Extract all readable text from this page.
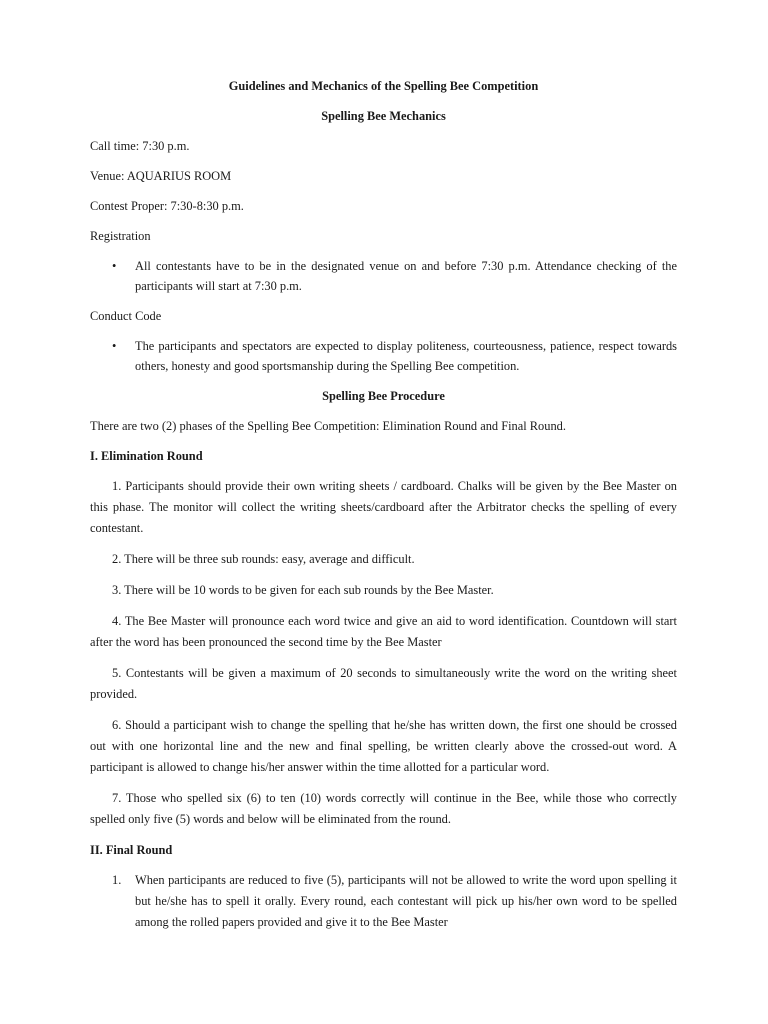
Guidelines and Mechanics of the Spelling Bee Competition

Spelling Bee Mechanics

Call time: 7:30 p.m.

Venue: AQUARIUS ROOM

Contest Proper: 7:30-8:30 p.m.

Registration

• All contestants have to be in the designated venue on and before 7:30 p.m. Attendance checking of the participants will start at 7:30 p.m.

Conduct Code

• The participants and spectators are expected to display politeness, courteousness, patience, respect towards others, honesty and good sportsmanship during the Spelling Bee competition.

Spelling Bee Procedure

There are two (2) phases of the Spelling Bee Competition: Elimination Round and Final Round.

I. Elimination Round

1. Participants should provide their own writing sheets / cardboard. Chalks will be given by the Bee Master on this phase. The monitor will collect the writing sheets/cardboard after the Arbitrator checks the spelling of every contestant.

2. There will be three sub rounds: easy, average and difficult.

3. There will be 10 words to be given for each sub rounds by the Bee Master.

4. The Bee Master will pronounce each word twice and give an aid to word identification. Countdown will start after the word has been pronounced the second time by the Bee Master

5. Contestants will be given a maximum of 20 seconds to simultaneously write the word on the writing sheet provided.

6. Should a participant wish to change the spelling that he/she has written down, the first one should be crossed out with one horizontal line and the new and final spelling, be written clearly above the crossed-out word. A participant is allowed to change his/her answer within the time allotted for a particular word.

7. Those who spelled six (6) to ten (10) words correctly will continue in the Bee, while those who correctly spelled only five (5) words and below will be eliminated from the round.

II. Final Round

1. When participants are reduced to five (5), participants will not be allowed to write the word upon spelling it but he/she has to spell it orally. Every round, each contestant will pick up his/her own word to be spelled among the rolled papers provided and give it to the Bee Master
